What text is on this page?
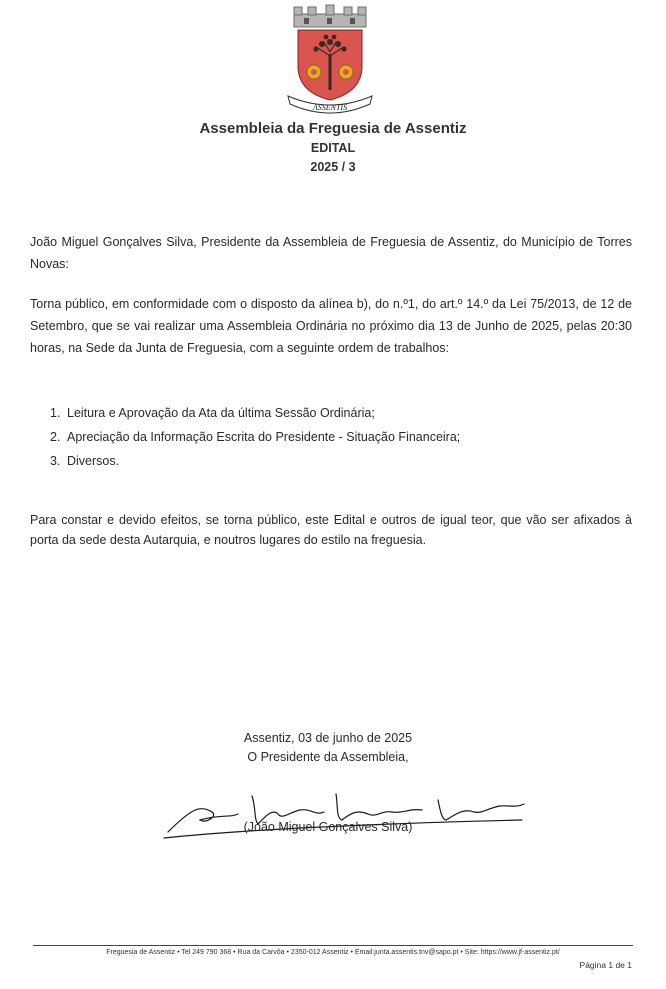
ASSENTIS
Assembleia da Freguesia de Assentiz
EDITAL
2025 / 3
João Miguel Gonçalves Silva, Presidente da Assembleia de Freguesia de Assentiz, do Município de Torres Novas:
Torna público, em conformidade com o disposto da alínea b), do n.º1, do art.º 14.º da Lei 75/2013, de 12 de Setembro, que se vai realizar uma Assembleia Ordinária no próximo dia 13 de Junho de 2025, pelas 20:30 horas, na Sede da Junta de Freguesia, com a seguinte ordem de trabalhos:
1. Leitura e Aprovação da Ata da última Sessão Ordinária;
2. Apreciação da Informação Escrita do Presidente - Situação Financeira;
3. Diversos.
Para constar e devido efeitos, se torna público, este Edital e outros de igual teor, que vão ser afixados à porta da sede desta Autarquia, e noutros lugares do estilo na freguesia.
Assentiz, 03 de junho de 2025
O Presidente da Assembleia,
(João Miguel Gonçalves Silva)
Freguesia de Assentiz • Tel 249 790 368 • Rua da Carvôa • 2350-012 Assentiz • Email:junta.assentis.tnv@sapo.pt • Site: https://www.jf-assentiz.pt/
Página 1 de 1
